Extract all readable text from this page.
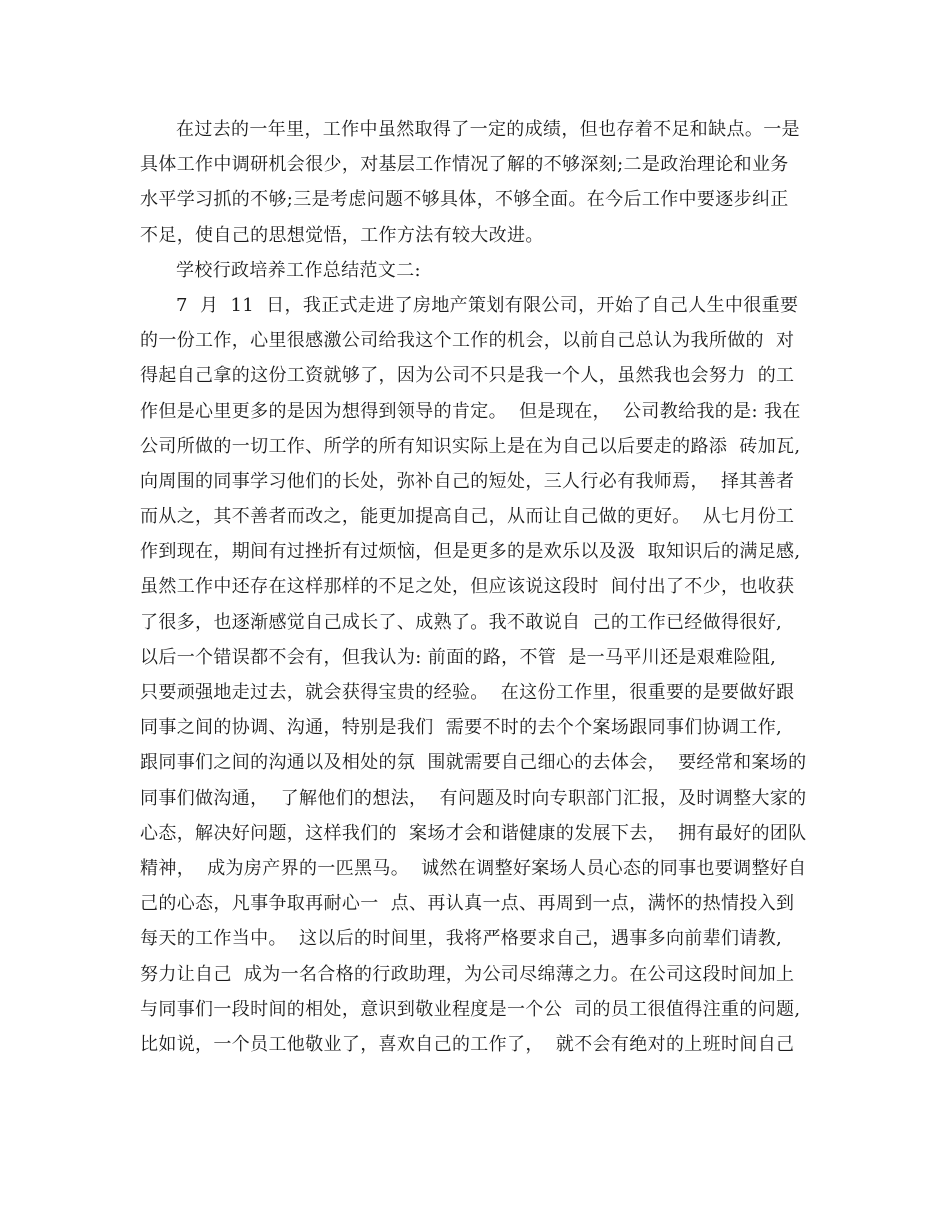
在过去的一年里，工作中虽然取得了一定的成绩，但也存着不足和缺点。一是
具体工作中调研机会很少，对基层工作情况了解的不够深刻;二是政治理论和业务
水平学习抓的不够;三是考虑问题不够具体，不够全面。在今后工作中要逐步纠正
不足，使自己的思想觉悟，工作方法有较大改进。
学校行政培养工作总结范文二:
7  月  11  日，我正式走进了房地产策划有限公司，开始了自己人生中很重要
的一份工作，心里很感激公司给我这个工作的机会，以前自己总认为我所做的  对
得起自己拿的这份工资就够了，因为公司不只是我一个人，虽然我也会努力  的工
作但是心里更多的是因为想得到领导的肯定。  但是现在，  公司教给我的是: 我在
公司所做的一切工作、所学的所有知识实际上是在为自己以后要走的路添  砖加瓦,
向周围的同事学习他们的长处，弥补自己的短处，三人行必有我师焉，  择其善者
而从之，其不善者而改之，能更加提高自己，从而让自己做的更好。  从七月份工
作到现在，期间有过挫折有过烦恼，但是更多的是欢乐以及汲  取知识后的满足感,
虽然工作中还存在这样那样的不足之处，但应该说这段时  间付出了不少，也收获
了很多，也逐渐感觉自己成长了、成熟了。我不敢说自  己的工作已经做得很好,
以后一个错误都不会有，但我认为: 前面的路，不管  是一马平川还是艰难险阻,
只要顽强地走过去，就会获得宝贵的经验。  在这份工作里，很重要的是要做好跟
同事之间的协调、沟通，特别是我们  需要不时的去个个案场跟同事们协调工作,
跟同事们之间的沟通以及相处的氛  围就需要自己细心的去体会，  要经常和案场的
同事们做沟通，  了解他们的想法，  有问题及时向专职部门汇报，及时调整大家的
心态，解决好问题，这样我们的  案场才会和谐健康的发展下去，  拥有最好的团队
精神，  成为房产界的一匹黑马。  诚然在调整好案场人员心态的同事也要调整好自
己的心态，凡事争取再耐心一  点、再认真一点、再周到一点，满怀的热情投入到
每天的工作当中。  这以后的时间里，我将严格要求自己，遇事多向前辈们请教,
努力让自己  成为一名合格的行政助理，为公司尽绵薄之力。在公司这段时间加上
与同事们一段时间的相处，意识到敬业程度是一个公  司的员工很值得注重的问题,
比如说，一个员工他敬业了，喜欢自己的工作了，  就不会有绝对的上班时间自己
